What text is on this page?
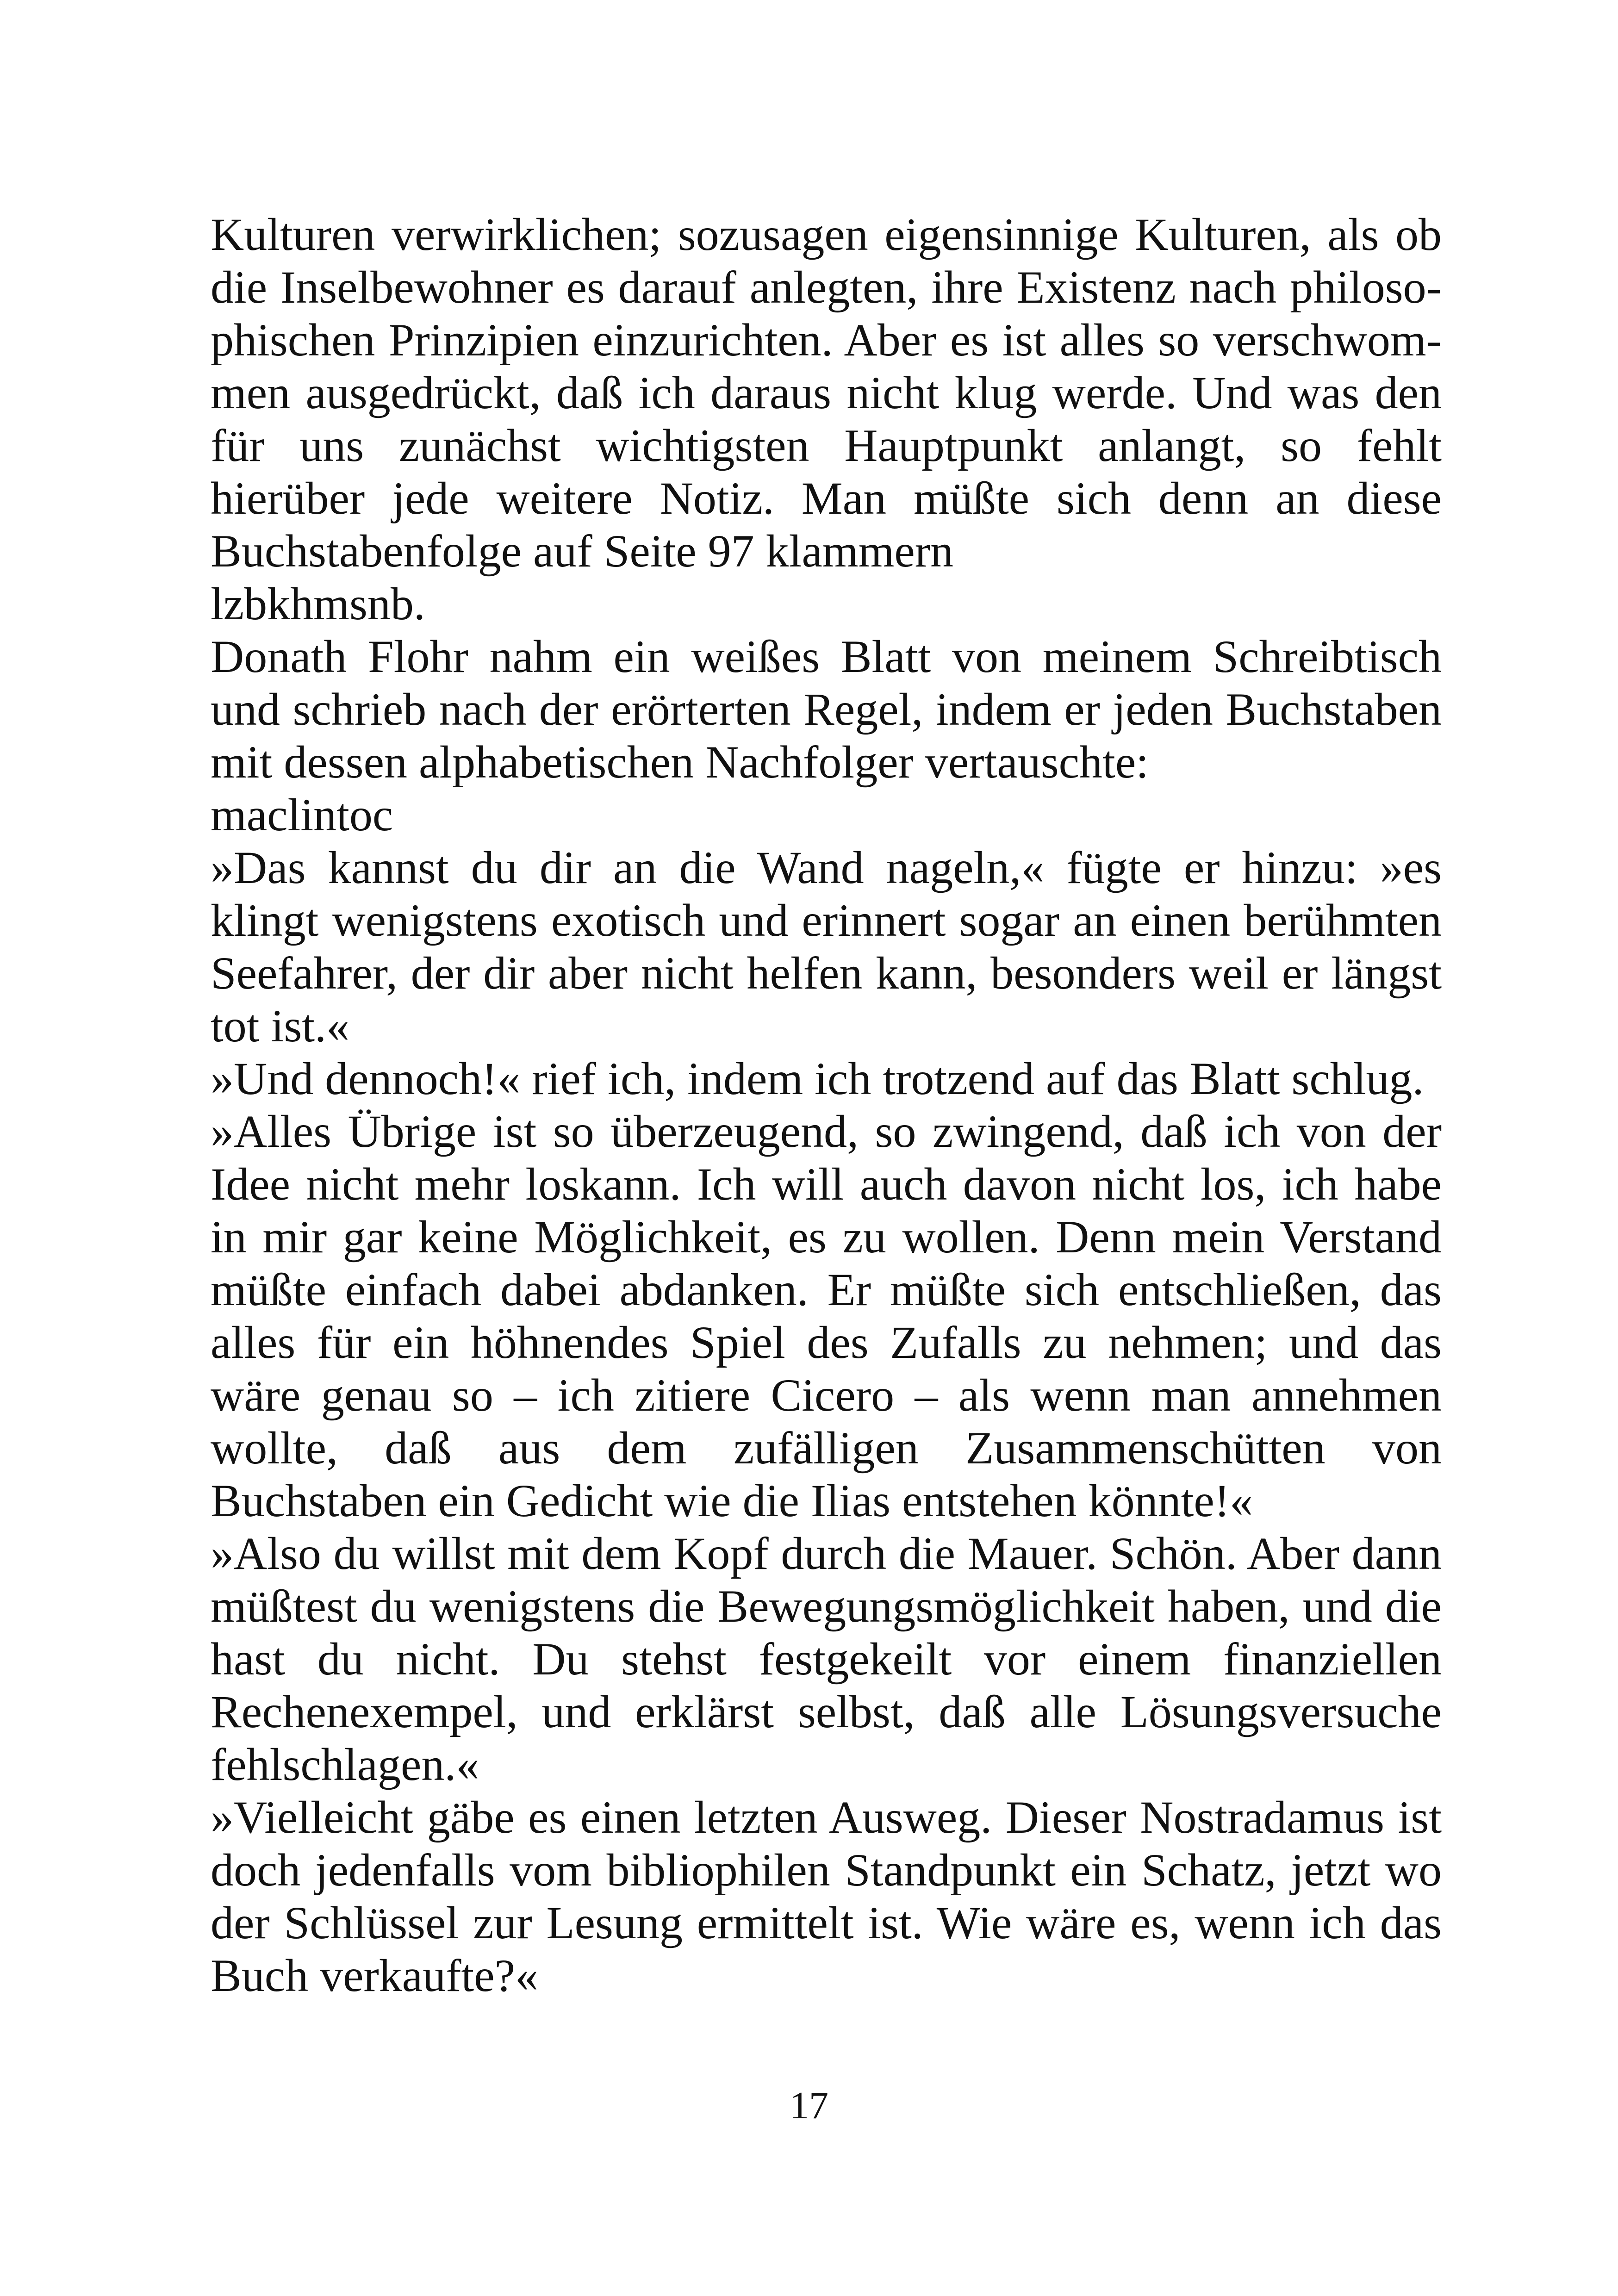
Kulturen verwirklichen; sozusagen eigensinnige Kulturen, als ob die Inselbewohner es darauf anlegten, ihre Existenz nach philosophischen Prinzipien einzurichten. Aber es ist alles so verschwommen ausgedrückt, daß ich daraus nicht klug werde. Und was den für uns zunächst wichtigsten Hauptpunkt anlangt, so fehlt hierüber jede weitere Notiz. Man müßte sich denn an diese Buchstabenfolge auf Seite 97 klammern

lzbkhmsnb.

Donath Flohr nahm ein weißes Blatt von meinem Schreibtisch und schrieb nach der erörterten Regel, indem er jeden Buchstaben mit dessen alphabetischen Nachfolger vertauschte:

maclintoc

»Das kannst du dir an die Wand nageln,« fügte er hinzu: »es klingt wenigstens exotisch und erinnert sogar an einen berühmten Seefahrer, der dir aber nicht helfen kann, besonders weil er längst tot ist.«

»Und dennoch!« rief ich, indem ich trotzend auf das Blatt schlug.

»Alles Übrige ist so überzeugend, so zwingend, daß ich von der Idee nicht mehr loskann. Ich will auch davon nicht los, ich habe in mir gar keine Möglichkeit, es zu wollen. Denn mein Verstand müßte einfach dabei abdanken. Er müßte sich entschließen, das alles für ein höhnendes Spiel des Zufalls zu nehmen; und das wäre genau so – ich zitiere Cicero – als wenn man annehmen wollte, daß aus dem zufälligen Zusammenschütten von Buchstaben ein Gedicht wie die Ilias entstehen könnte!«

»Also du willst mit dem Kopf durch die Mauer. Schön. Aber dann müßtest du wenigstens die Bewegungsmöglichkeit haben, und die hast du nicht. Du stehst festgekeilt vor einem finanziellen Rechenexempel, und erklärst selbst, daß alle Lösungsversuche fehlschlagen.«

»Vielleicht gäbe es einen letzten Ausweg. Dieser Nostradamus ist doch jedenfalls vom bibliophilen Standpunkt ein Schatz, jetzt wo der Schlüssel zur Lesung ermittelt ist. Wie wäre es, wenn ich das Buch verkaufte?«

17
